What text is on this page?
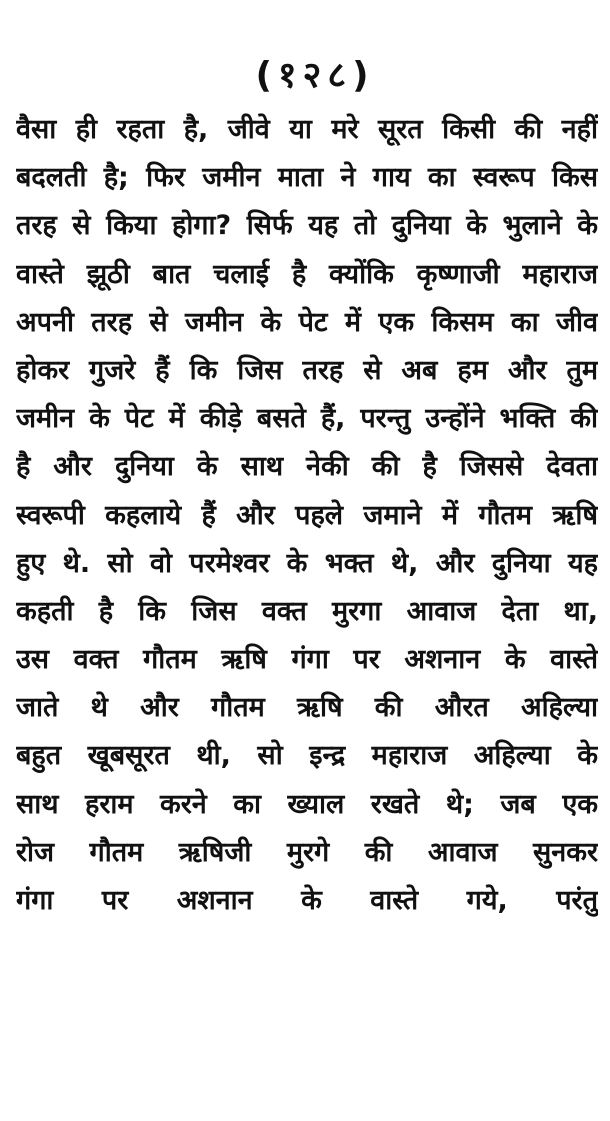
(१२८)
वैसा ही रहता है, जीवे या मरे सूरत किसी की नहीं
बदलती है; फिर जमीन माता ने गाय का स्वरूप किस
तरह से किया होगा? सिर्फ यह तो दुनिया के भुलाने के
वास्ते झूठी बात चलाई है क्योंकि कृष्णाजी महाराज
अपनी तरह से जमीन के पेट में एक किसम का जीव
होकर गुजरे हैं कि जिस तरह से अब हम और तुम
जमीन के पेट में कीड़े बसते हैं, परन्तु उन्होंने भक्ति की
है और दुनिया के साथ नेकी की है जिससे देवता
स्वरूपी कहलाये हैं और पहले जमाने में गौतम ऋषि
हुए थे. सो वो परमेश्वर के भक्त थे, और दुनिया यह
कहती है कि जिस वक्त मुरगा आवाज देता था,
उस वक्त गौतम ऋषि गंगा पर अशनान के वास्ते
जाते थे और गौतम ऋषि की औरत अहिल्या
बहुत खूबसूरत थी, सो इन्द्र महाराज अहिल्या के
साथ हराम करने का ख्याल रखते थे; जब एक
रोज गौतम ऋषिजी मुरगे की आवाज सुनकर
गंगा पर अशनान के वास्ते गये, परंतु
